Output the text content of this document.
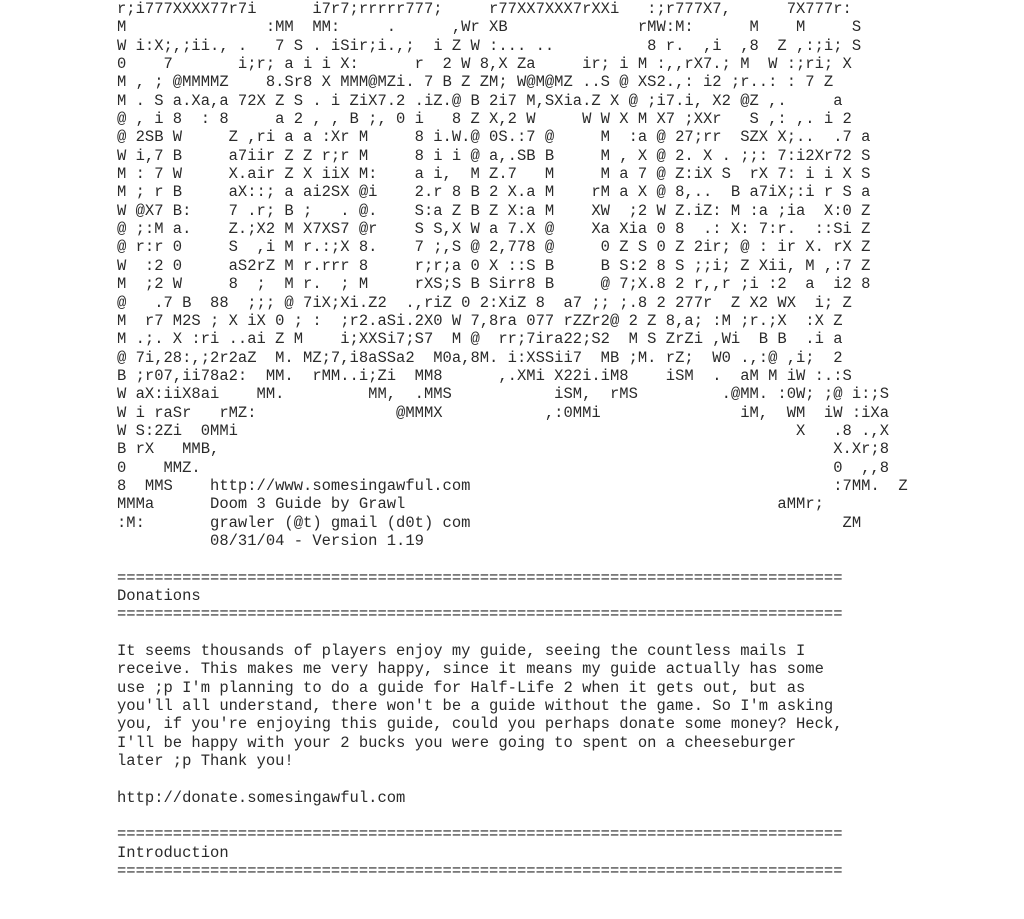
r;i777XXXX77r7i      i7r7;rrrrr777;     r77XX7XXX7rXXi   :;r777X7,      7X777r:
M               :MM  MM:     .      ,Wr XB              rMW:M:      M    M     S
W i:X;,;ii., .   7 S . iSir;i.,;  i Z W :... ..          8 r.  ,i  ,8  Z ,:;i; S
0    7       i;r; a i i X:      r  2 W 8,X Za     ir; i M :,,rX7.; M  W :;ri; X
M , ; @MMMMZ    8.Sr8 X MMM@MZi. 7 B Z ZM; W@M@MZ ..S @ XS2.,: i2 ;r..: : 7 Z
M . S a.Xa,a 72X Z S . i ZiX7.2 .iZ.@ B 2i7 M,SXia.Z X @ ;i7.i, X2 @Z ,.     a
@ , i 8  : 8     a 2 , , B ;, 0 i   8 Z X,2 W     W W X M X7 ;XXr   S ,: ,. i 2
@ 2SB W     Z ,ri a a :Xr M     8 i.W.@ 0S.:7 @     M  :a @ 27;rr  SZX X;..  .7 a
W i,7 B     a7iir Z Z r;r M     8 i i @ a,.SB B     M , X @ 2. X . ;;: 7:i2Xr72 S
M : 7 W     X.air Z X iiX M:    a i,  M Z.7   M     M a 7 @ Z:iX S  rX 7: i i X S
M ; r B     aX::; a ai2SX @i    2.r 8 B 2 X.a M    rM a X @ 8,..  B a7iX;:i r S a
W @X7 B:    7 .r; B ;   . @.    S:a Z B Z X:a M    XW  ;2 W Z.iZ: M :a ;ia  X:0 Z
@ ;:M a.    Z.;X2 M X7XS7 @r    S S,X W a 7.X @    Xa Xia 0 8  .: X: 7:r.  ::Si Z
@ r:r 0     S  ,i M r.:;X 8.    7 ;,S @ 2,778 @     0 Z S 0 Z 2ir; @ : ir X. rX Z
W  :2 0     aS2rZ M r.rrr 8     r;r;a 0 X ::S B     B S:2 8 S ;;i; Z Xii, M ,:7 Z
M  ;2 W     8  ;  M r.  ; M     rXS;S B Sirr8 B     @ 7;X.8 2 r,,r ;i :2  a  i2 8
@   .7 B  88  ;;; @ 7iX;Xi.Z2  .,riZ 0 2:XiZ 8  a7 ;; ;.8 2 277r  Z X2 WX  i; Z
M  r7 M2S ; X iX 0 ; :  ;r2.aSi.2X0 W 7,8ra 077 rZZr2@ 2 Z 8,a; :M ;r.;X  :X Z
M .;. X :ri ..ai Z M    i;XXSi7;S7  M @  rr;7ira22;S2  M S ZrZi ,Wi  B B  .i a
@ 7i,28:,;2r2aZ  M. MZ;7,i8aSSa2  M0a,8M. i:XSSii7  MB ;M. rZ;  W0 .,:@ ,i;  2
B ;r07,ii78a2:  MM.  rMM..i;Zi  MM8      ,.XMi X22i.iM8    iSM  .  aM M iW :.:S
W aX:iiX8ai    MM.         MM,  .MMS           iSM,  rMS         .@MM. :0W; ;@ i:;S
W i raSr   rMZ:               @MMMX           ,:0MMi               iM,  WM  iW :iXa
W S:2Zi  0MMi                                                            X   .8 .,X
B rX   MMB,                                                                  X.Xr;8
0    MMZ.                                                                    0  ,,8
8  MMS    http://www.somesingawful.com	:7MM.  Z
MMMa      Doom 3 Guide by Grawl	aMMr;
:M:       grawler (@t) gmail (d0t) com	ZM
08/31/04 - Version 1.19

==============================================================================
Donations
==============================================================================

It seems thousands of players enjoy my guide, seeing the countless mails I
receive. This makes me very happy, since it means my guide actually has some
use ;p I'm planning to do a guide for Half-Life 2 when it gets out, but as
you'll all understand, there won't be a guide without the game. So I'm asking
you, if you're enjoying this guide, could you perhaps donate some money? Heck,
I'll be happy with your 2 bucks you were going to spent on a cheeseburger
later ;p Thank you!

http://donate.somesingawful.com

==============================================================================
Introduction
==============================================================================
